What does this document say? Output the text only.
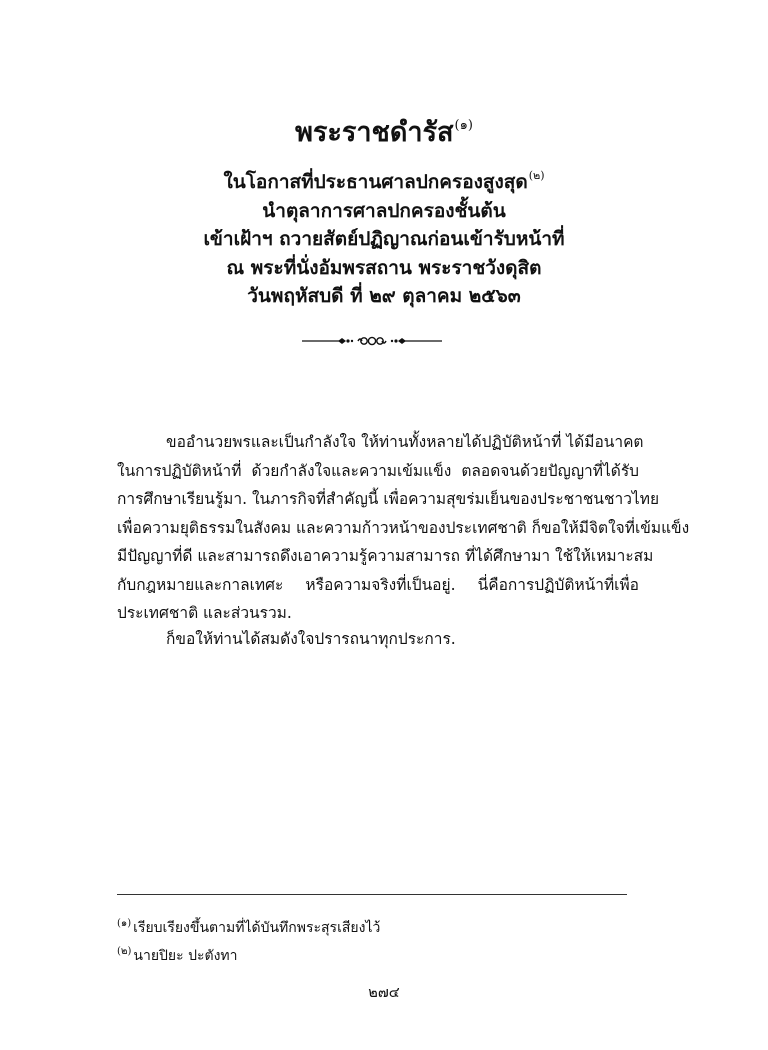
พระราชดำรัส$^{(๑)}$
ในโอกาสที่ประธานศาลปกครองสูงสุด$^{(๒)}$
นำตุลาการศาลปกครองชั้นต้น
เข้าเฝ้าฯ ถวายสัตย์ปฏิญาณก่อนเข้ารับหน้าที่
ณ พระที่นั่งอัมพรสถาน พระราชวังดุสิต
วันพฤหัสบดี ที่ ๒๙ ตุลาคม ๒๕๖๓
ขออำนวยพรและเป็นกำลังใจ ให้ท่านทั้งหลายได้ปฏิบัติหน้าที่ ได้มีอนาคต
ในการปฏิบัติหน้าที่ ด้วยกำลังใจและความเข้มแข็ง ตลอดจนด้วยปัญญาที่ได้รับ
การศึกษาเรียนรู้มา. ในภารกิจที่สำคัญนี้ เพื่อความสุขร่มเย็นของประชาชนชาวไทย
เพื่อความยุติธรรมในสังคม และความก้าวหน้าของประเทศชาติ ก็ขอให้มีจิตใจที่เข้มแข็ง
มีปัญญาที่ดี และสามารถดึงเอาความรู้ความสามารถ ที่ได้ศึกษามา ใช้ให้เหมาะสม
กับกฎหมายและกาลเทศะ หรือความจริงที่เป็นอยู่. นี่คือการปฏิบัติหน้าที่เพื่อ
ประเทศชาติ และส่วนรวม.
ก็ขอให้ท่านได้สมดังใจปรารถนาทุกประการ.
$^{(๑)}$ เรียบเรียงขึ้นตามที่ได้บันทึกพระสุรเสียงไว้
$^{(๒)}$ นายปิยะ ปะตังทา
๒๗๔
